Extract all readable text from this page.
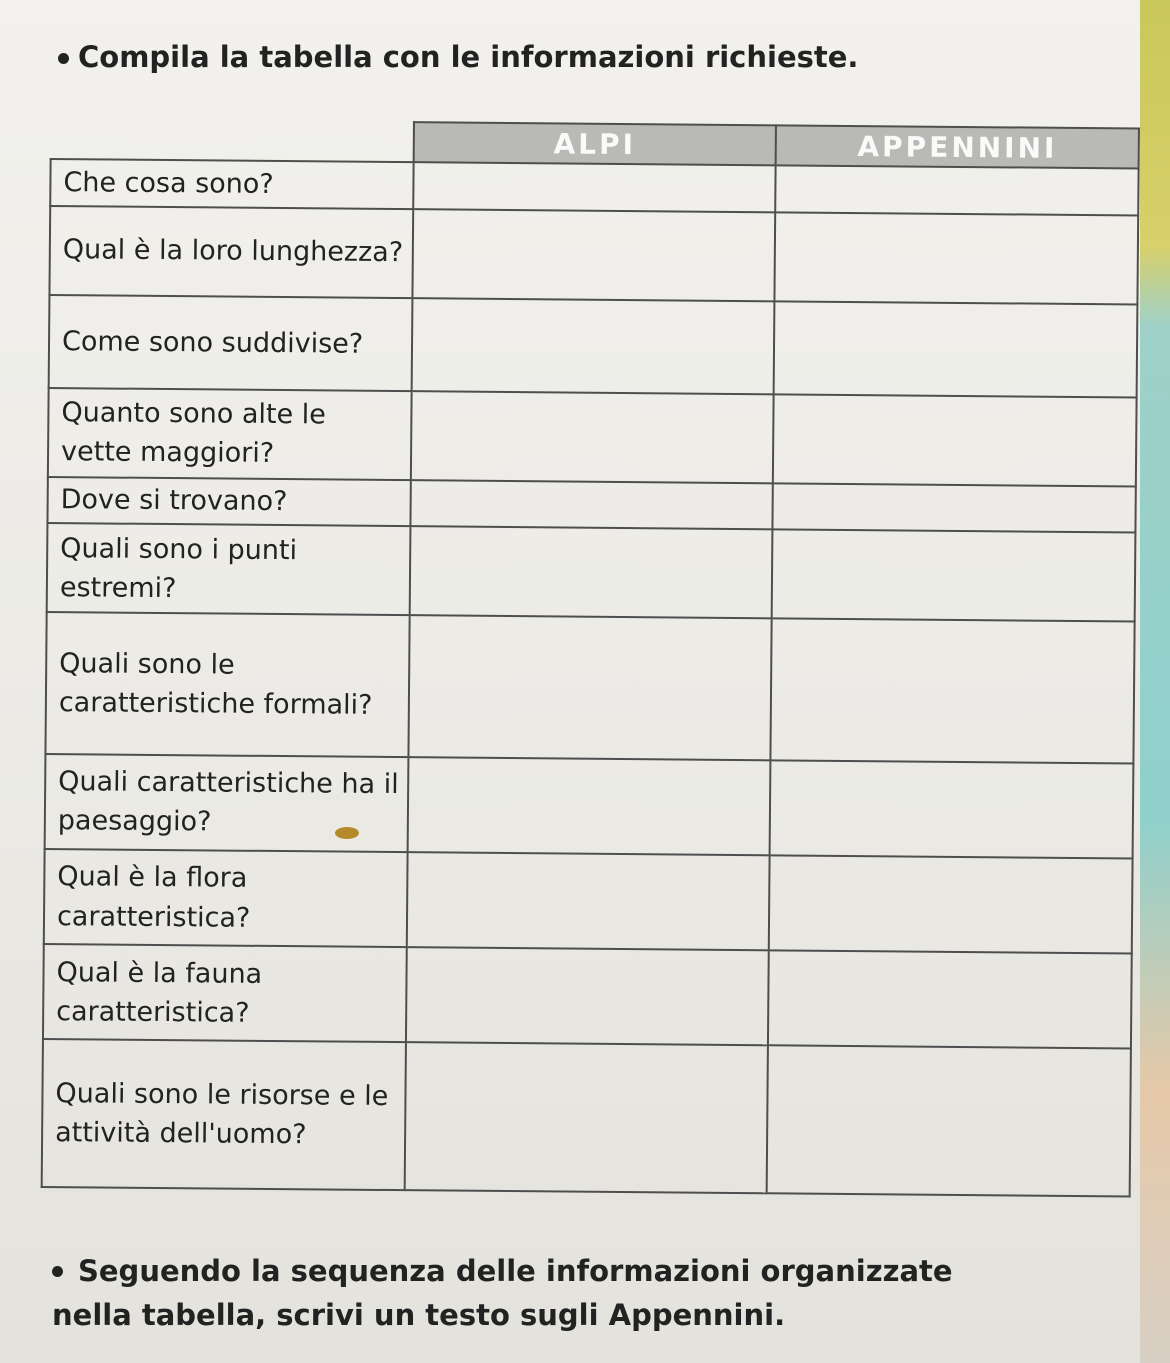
Compila la tabella con le informazioni richieste.
	ALPI	APPENNINI
Che cosa sono?		
Qual è la loro lunghezza?		
Come sono suddivise?		
Quanto sono alte le vette maggiori?		
Dove si trovano?		
Quali sono i punti estremi?		
Quali sono le caratteristiche formali?		
Quali caratteristiche ha il paesaggio?		
Qual è la flora caratteristica?		
Qual è la fauna caratteristica?		
Quali sono le risorse e le attività dell'uomo?		
Seguendo la sequenza delle informazioni organizzate
nella tabella, scrivi un testo sugli Appennini.
